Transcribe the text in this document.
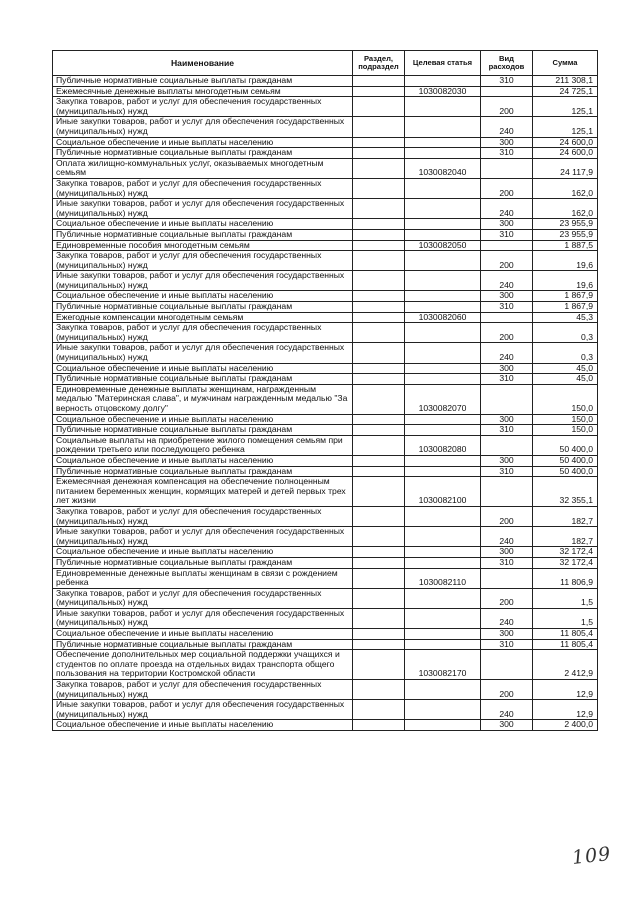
Наименование	Раздел, подраздел	Целевая статья	Вид расходов	Сумма
Публичные нормативные социальные выплаты гражданам			310	211 308,1
Ежемесячные денежные выплаты многодетным семьям		1030082030		24 725,1
Закупка товаров, работ и услуг для обеспечения государственных (муниципальных) нужд			200	125,1
Иные закупки товаров, работ и услуг для обеспечения государственных (муниципальных) нужд			240	125,1
Социальное обеспечение и иные выплаты населению			300	24 600,0
Публичные нормативные социальные выплаты гражданам			310	24 600,0
Оплата жилищно-коммунальных услуг, оказываемых многодетным семьям		1030082040		24 117,9
Закупка товаров, работ и услуг для обеспечения государственных (муниципальных) нужд			200	162,0
Иные закупки товаров, работ и услуг для обеспечения государственных (муниципальных) нужд			240	162,0
Социальное обеспечение и иные выплаты населению			300	23 955,9
Публичные нормативные социальные выплаты гражданам			310	23 955,9
Единовременные пособия многодетным семьям		1030082050		1 887,5
Закупка товаров, работ и услуг для обеспечения государственных (муниципальных) нужд			200	19,6
Иные закупки товаров, работ и услуг для обеспечения государственных (муниципальных) нужд			240	19,6
Социальное обеспечение и иные выплаты населению			300	1 867,9
Публичные нормативные социальные выплаты гражданам			310	1 867,9
Ежегодные компенсации многодетным семьям		1030082060		45,3
Закупка товаров, работ и услуг для обеспечения государственных (муниципальных) нужд			200	0,3
Иные закупки товаров, работ и услуг для обеспечения государственных (муниципальных) нужд			240	0,3
Социальное обеспечение и иные выплаты населению			300	45,0
Публичные нормативные социальные выплаты гражданам			310	45,0
Единовременные денежные выплаты женщинам, награжденным медалью "Материнская слава", и мужчинам награжденным медалью "За верность отцовскому долгу"		1030082070		150,0
Социальное обеспечение и иные выплаты населению			300	150,0
Публичные нормативные социальные выплаты гражданам			310	150,0
Социальные выплаты на приобретение жилого помещения семьям при рождении третьего или последующего ребенка		1030082080		50 400,0
Социальное обеспечение и иные выплаты населению			300	50 400,0
Публичные нормативные социальные выплаты гражданам			310	50 400,0
Ежемесячная денежная компенсация на обеспечение полноценным питанием беременных женщин, кормящих матерей и детей первых трех лет жизни		1030082100		32 355,1
Закупка товаров, работ и услуг для обеспечения государственных (муниципальных) нужд			200	182,7
Иные закупки товаров, работ и услуг для обеспечения государственных (муниципальных) нужд			240	182,7
Социальное обеспечение и иные выплаты населению			300	32 172,4
Публичные нормативные социальные выплаты гражданам			310	32 172,4
Единовременные денежные выплаты женщинам в связи с рождением ребенка		1030082110		11 806,9
Закупка товаров, работ и услуг для обеспечения государственных (муниципальных) нужд			200	1,5
Иные закупки товаров, работ и услуг для обеспечения государственных (муниципальных) нужд			240	1,5
Социальное обеспечение и иные выплаты населению			300	11 805,4
Публичные нормативные социальные выплаты гражданам			310	11 805,4
Обеспечение дополнительных мер социальной поддержки учащихся и студентов по оплате проезда на отдельных видах транспорта общего пользования на территории Костромской области		1030082170		2 412,9
Закупка товаров, работ и услуг для обеспечения государственных (муниципальных) нужд			200	12,9
Иные закупки товаров, работ и услуг для обеспечения государственных (муниципальных) нужд			240	12,9
Социальное обеспечение и иные выплаты населению			300	2 400,0
109
